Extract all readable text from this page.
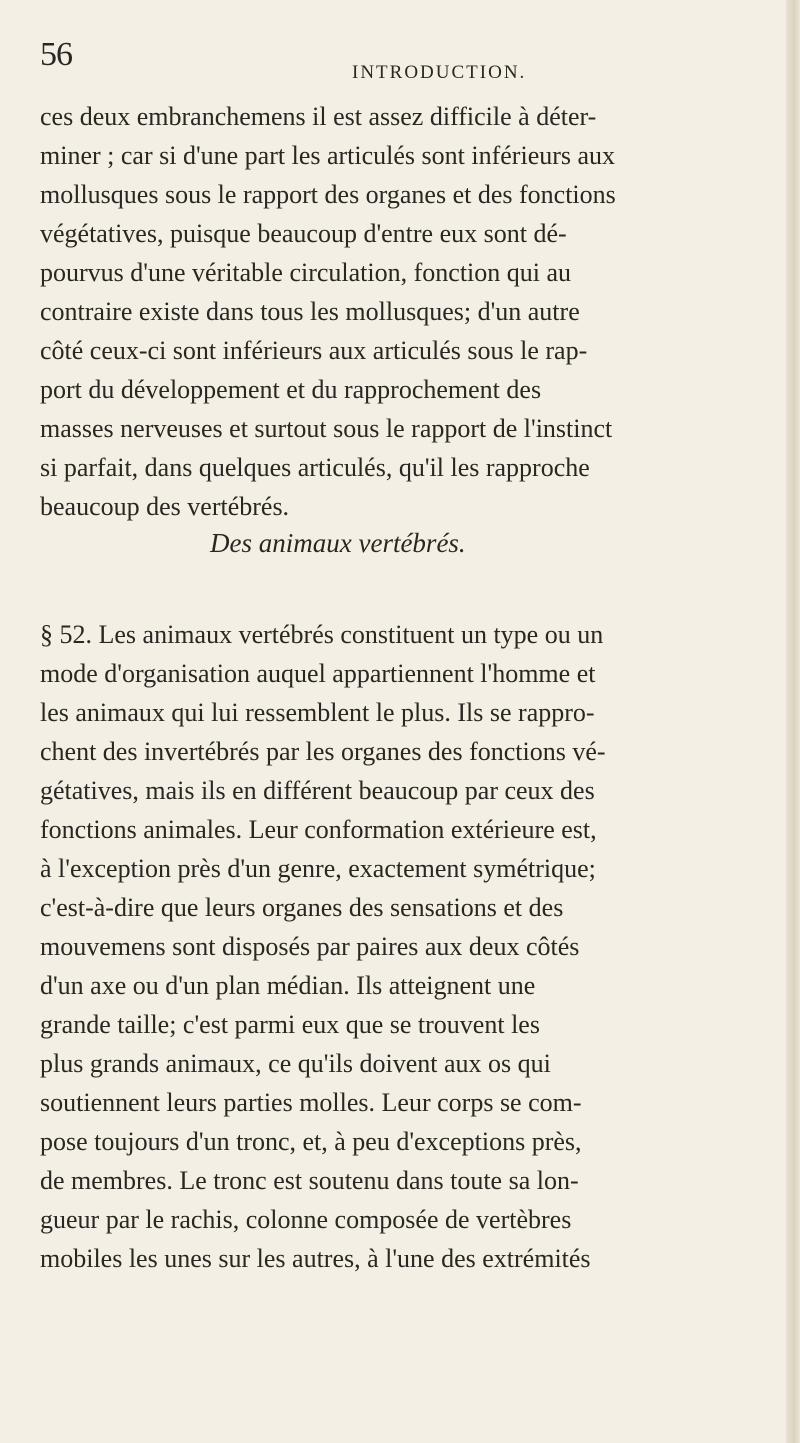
56	INTRODUCTION.
ces deux embranchemens il est assez difficile à déter-
miner ; car si d'une part les articulés sont inférieurs aux
mollusques sous le rapport des organes et des fonctions
végétatives, puisque beaucoup d'entre eux sont dé-
pourvus d'une véritable circulation, fonction qui au
contraire existe dans tous les mollusques; d'un autre
côté ceux-ci sont inférieurs aux articulés sous le rap-
port du développement et du rapprochement des
masses nerveuses et surtout sous le rapport de l'instinct
si parfait, dans quelques articulés, qu'il les rapproche
beaucoup des vertébrés.
Des animaux vertébrés.
§ 52. Les animaux vertébrés constituent un type ou un
mode d'organisation auquel appartiennent l'homme et
les animaux qui lui ressemblent le plus. Ils se rappro-
chent des invertébrés par les organes des fonctions vé-
gétatives, mais ils en différent beaucoup par ceux des
fonctions animales. Leur conformation extérieure est,
à l'exception près d'un genre, exactement symétrique;
c'est-à-dire que leurs organes des sensations et des
mouvemens sont disposés par paires aux deux côtés
d'un axe ou d'un plan médian. Ils atteignent une
grande taille; c'est parmi eux que se trouvent les
plus grands animaux, ce qu'ils doivent aux os qui
soutiennent leurs parties molles. Leur corps se com-
pose toujours d'un tronc, et, à peu d'exceptions près,
de membres. Le tronc est soutenu dans toute sa lon-
gueur par le rachis, colonne composée de vertèbres
mobiles les unes sur les autres, à l'une des extrémités
